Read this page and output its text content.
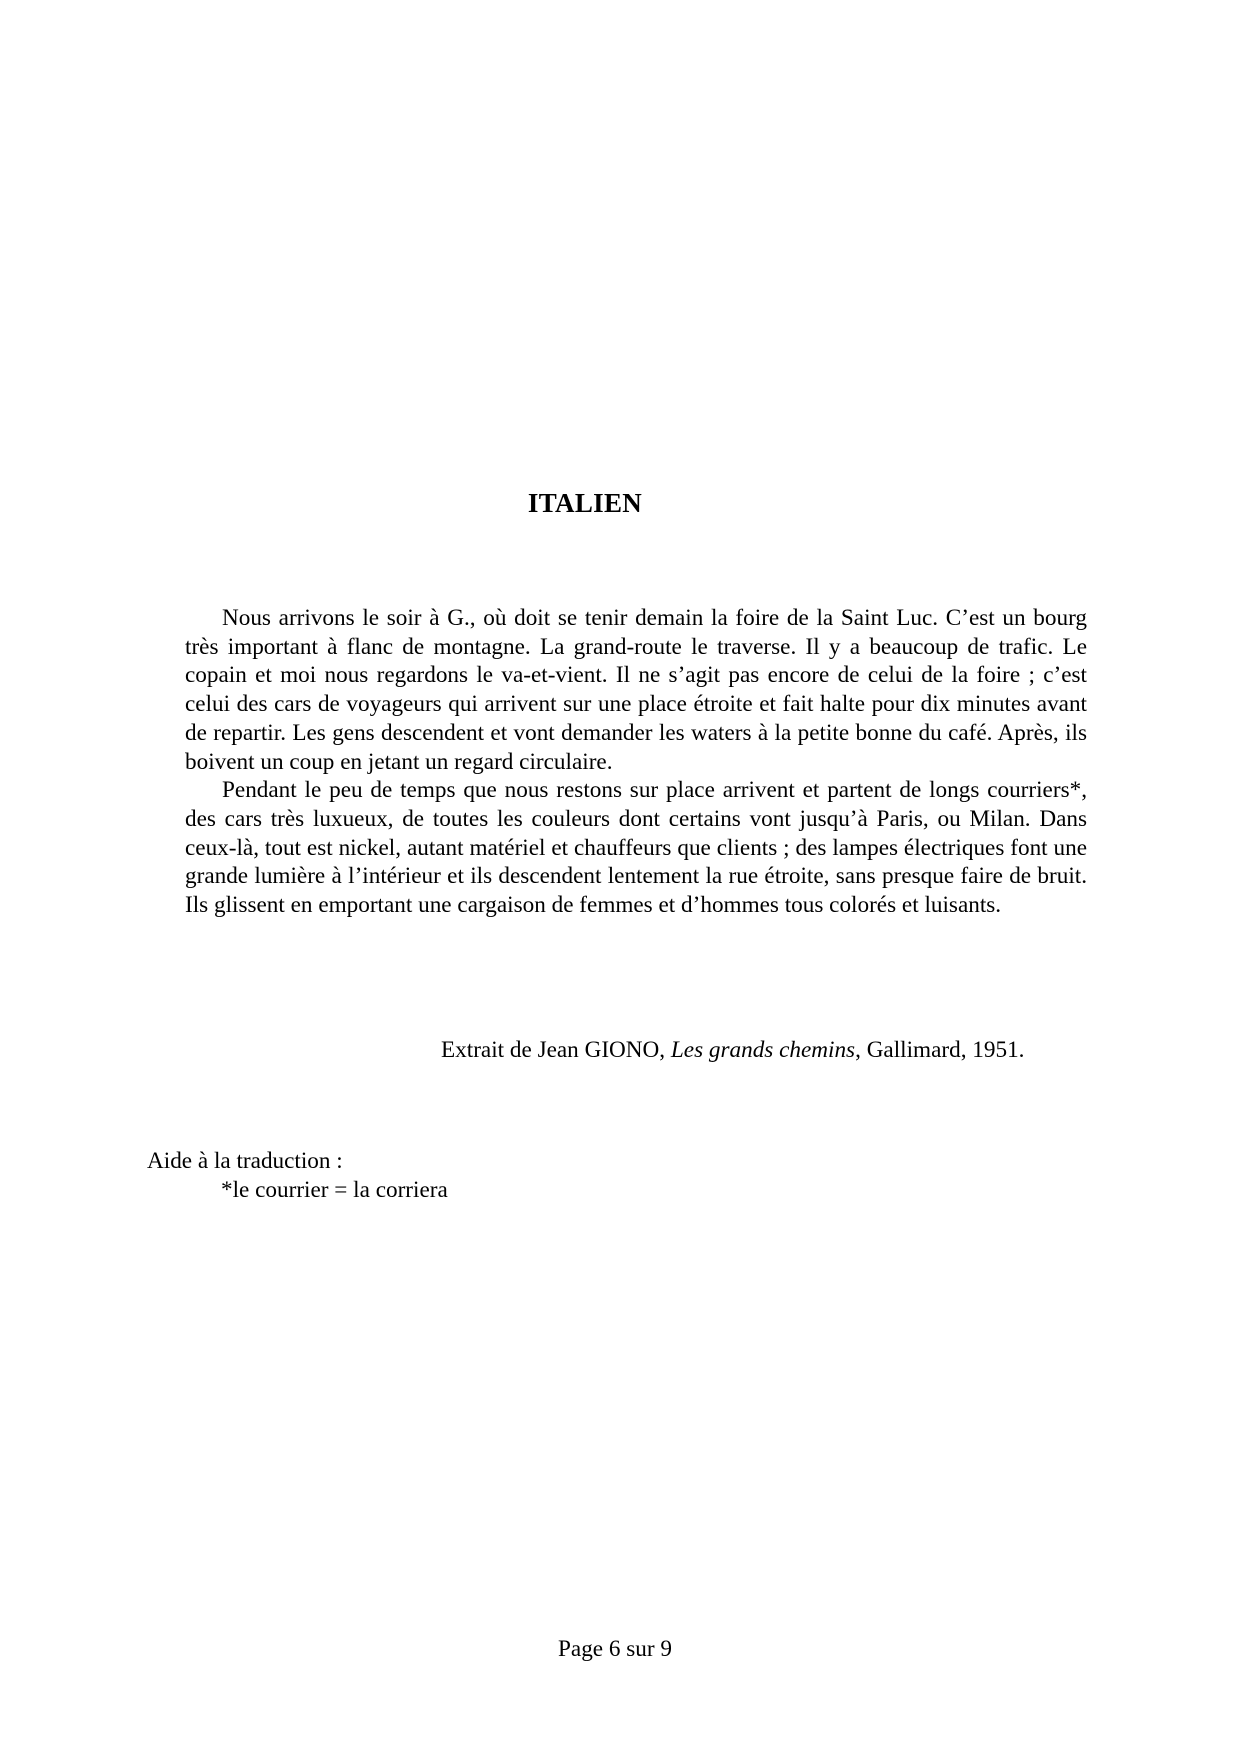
ITALIEN

Nous arrivons le soir à G., où doit se tenir demain la foire de la Saint Luc. C’est un bourg très important à flanc de montagne. La grand-route le traverse. Il y a beaucoup de trafic. Le copain et moi nous regardons le va-et-vient. Il ne s’agit pas encore de celui de la foire ; c’est celui des cars de voyageurs qui arrivent sur une place étroite et fait halte pour dix minutes avant de repartir. Les gens descendent et vont demander les waters à la petite bonne du café. Après, ils boivent un coup en jetant un regard circulaire.

Pendant le peu de temps que nous restons sur place arrivent et partent de longs courriers*, des cars très luxueux, de toutes les couleurs dont certains vont jusqu’à Paris, ou Milan. Dans ceux-là, tout est nickel, autant matériel et chauffeurs que clients ; des lampes électriques font une grande lumière à l’intérieur et ils descendent lentement la rue étroite, sans presque faire de bruit. Ils glissent en emportant une cargaison de femmes et d’hommes tous colorés et luisants.

Extrait de Jean GIONO, Les grands chemins, Gallimard, 1951.
Aide à la traduction :
*le courrier = la corriera
Page 6 sur 9
